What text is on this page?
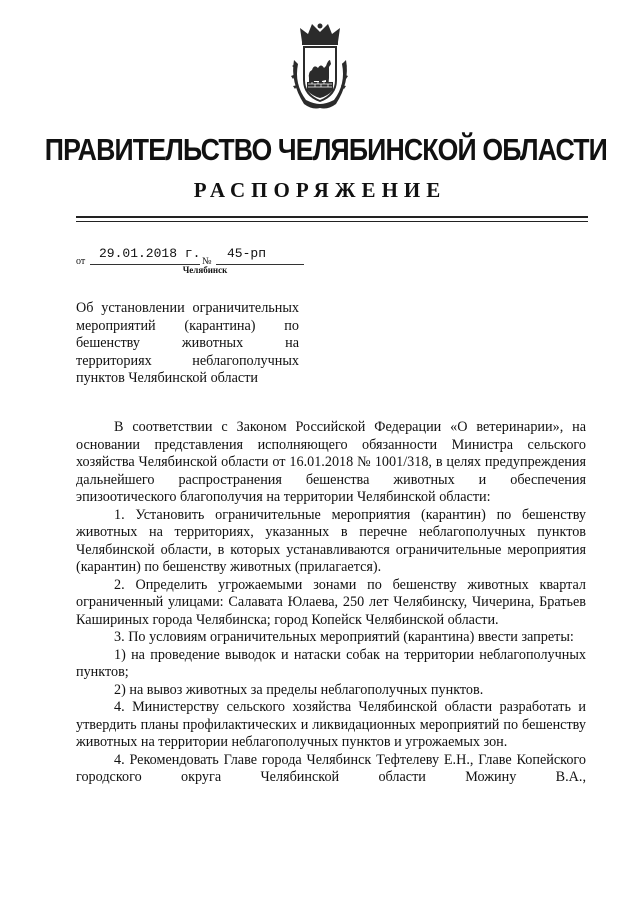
ПРАВИТЕЛЬСТВО ЧЕЛЯБИНСКОЙ ОБЛАСТИ
РАСПОРЯЖЕНИЕ
от
29.01.2018 г.
№
45-рп
Челябинск
Об установлении ограничительных
мероприятий (карантина) по
бешенству животных на
территориях неблагополучных
пунктов Челябинской области

В соответствии с Законом Российской Федерации «О ветеринарии», на основании представления исполняющего обязанности Министра сельского хозяйства Челябинской области от 16.01.2018 № 1001/318, в целях предупреждения дальнейшего распространения бешенства животных и обеспечения эпизоотического благополучия на территории Челябинской области:

1. Установить ограничительные мероприятия (карантин) по бешенству животных на территориях, указанных в перечне неблагополучных пунктов Челябинской области, в которых устанавливаются ограничительные мероприятия (карантин) по бешенству животных (прилагается).

2. Определить угрожаемыми зонами по бешенству животных квартал ограниченный улицами: Салавата Юлаева, 250 лет Челябинску, Чичерина, Братьев Кашириных города Челябинска; город Копейск Челябинской области.

3. По условиям ограничительных мероприятий (карантина) ввести запреты:

1) на проведение выводок и натаски собак на территории неблагополучных пунктов;

2) на вывоз животных за пределы неблагополучных пунктов.

4. Министерству сельского хозяйства Челябинской области разработать и утвердить планы профилактических и ликвидационных мероприятий по бешенству животных на территории неблагополучных пунктов и угрожаемых зон.

4. Рекомендовать Главе города Челябинск Тефтелеву Е.Н., Главе Копейского городского округа Челябинской области Можину В.А.,
